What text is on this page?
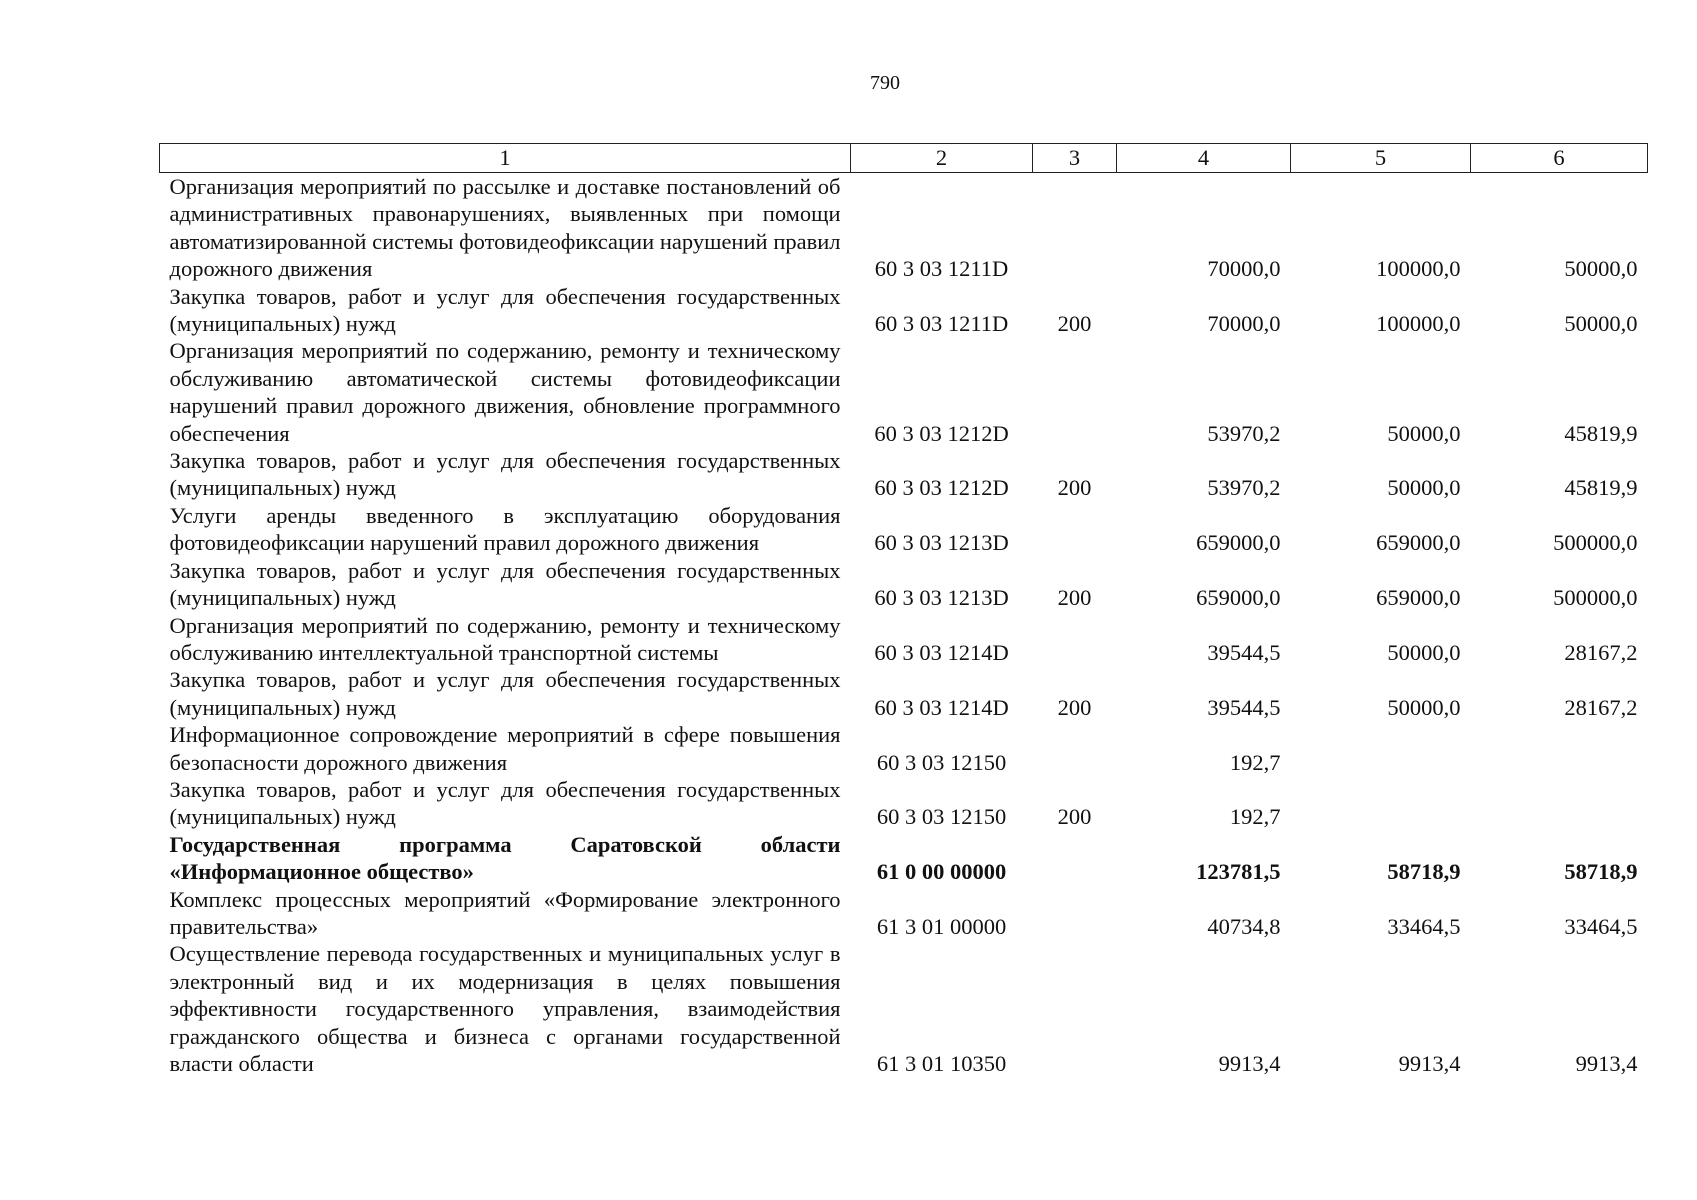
790
1	2	3	4	5	6
Организация мероприятий по рассылке и доставке постановлений об административных правонарушениях, выявленных при помощи автоматизированной системы фотовидеофиксации нарушений правил дорожного движения	60 3 03 1211D		70000,0	100000,0	50000,0
Закупка товаров, работ и услуг для обеспечения государственных (муниципальных) нужд	60 3 03 1211D	200	70000,0	100000,0	50000,0
Организация мероприятий по содержанию, ремонту и техническому обслуживанию автоматической системы фотовидеофиксации нарушений правил дорожного движения, обновление программного обеспечения	60 3 03 1212D		53970,2	50000,0	45819,9
Закупка товаров, работ и услуг для обеспечения государственных (муниципальных) нужд	60 3 03 1212D	200	53970,2	50000,0	45819,9
Услуги аренды введенного в эксплуатацию оборудования фотовидеофиксации нарушений правил дорожного движения	60 3 03 1213D		659000,0	659000,0	500000,0
Закупка товаров, работ и услуг для обеспечения государственных (муниципальных) нужд	60 3 03 1213D	200	659000,0	659000,0	500000,0
Организация мероприятий по содержанию, ремонту и техническому обслуживанию интеллектуальной транспортной системы	60 3 03 1214D		39544,5	50000,0	28167,2
Закупка товаров, работ и услуг для обеспечения государственных (муниципальных) нужд	60 3 03 1214D	200	39544,5	50000,0	28167,2
Информационное сопровождение мероприятий в сфере повышения безопасности дорожного движения	60 3 03 12150		192,7		
Закупка товаров, работ и услуг для обеспечения государственных (муниципальных) нужд	60 3 03 12150	200	192,7		
Государственная программа Саратовской области «Информационное общество»	61 0 00 00000		123781,5	58718,9	58718,9
Комплекс процессных мероприятий «Формирование электронного правительства»	61 3 01 00000		40734,8	33464,5	33464,5
Осуществление перевода государственных и муниципальных услуг в электронный вид и их модернизация в целях повышения эффективности государственного управления, взаимодействия гражданского общества и бизнеса с органами государственной власти области	61 3 01 10350		9913,4	9913,4	9913,4
